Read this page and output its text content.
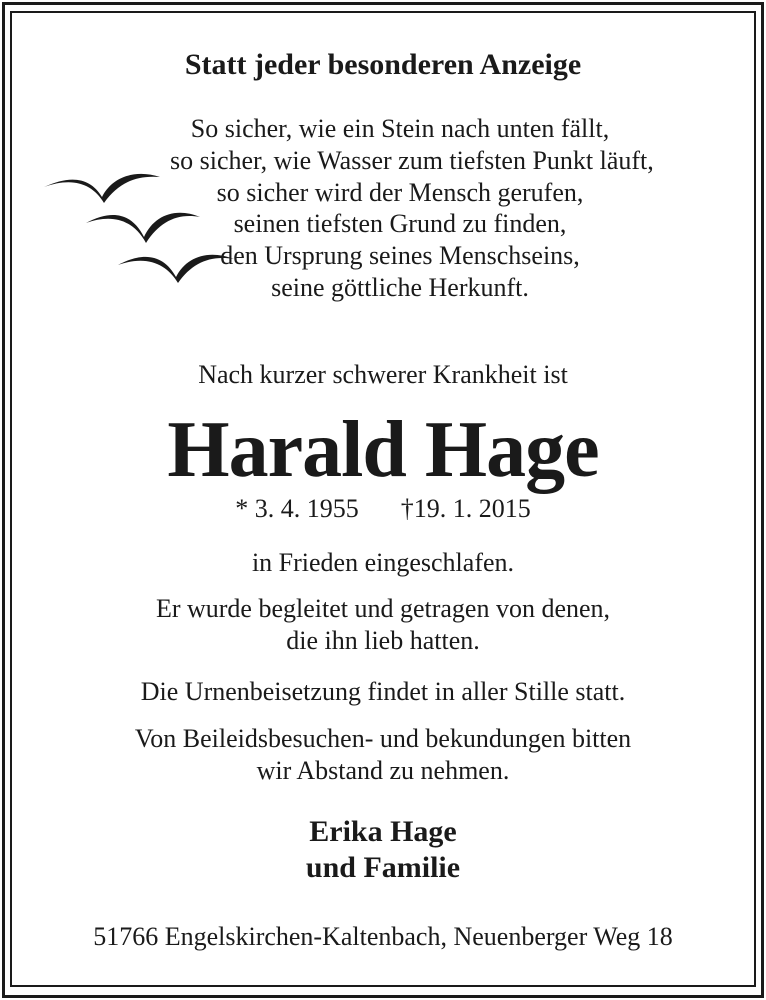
Statt jeder besonderen Anzeige

So sicher, wie ein Stein nach unten fällt,
so sicher, wie Wasser zum tiefsten Punkt läuft,
so sicher wird der Mensch gerufen,
seinen tiefsten Grund zu finden,
den Ursprung seines Menschseins,
seine göttliche Herkunft.

Nach kurzer schwerer Krankheit ist

Harald Hage

* 3. 4. 1955 †19. 1. 2015

in Frieden eingeschlafen.

Er wurde begleitet und getragen von denen,
die ihn lieb hatten.

Die Urnenbeisetzung findet in aller Stille statt.

Von Beileidsbesuchen- und bekundungen bitten
wir Abstand zu nehmen.
Erika Hage
und Familie

51766 Engelskirchen-Kaltenbach, Neuenberger Weg 18
